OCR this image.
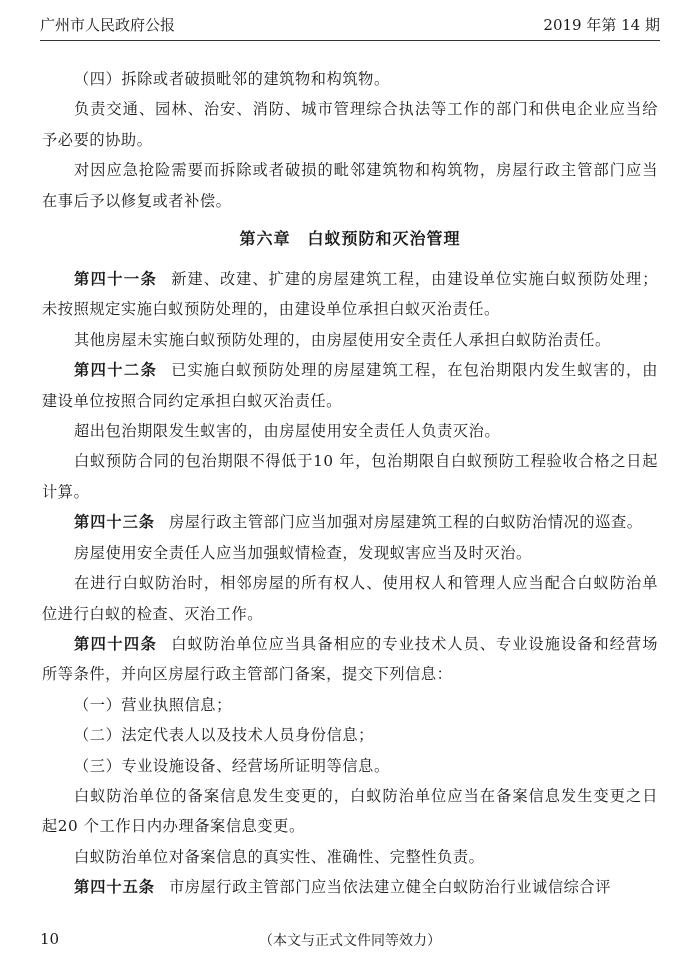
广州市人民政府公报	2019 年第 14 期
（四）拆除或者破损毗邻的建筑物和构筑物。
负责交通、园林、治安、消防、城市管理综合执法等工作的部门和供电企业应当给予必要的协助。
对因应急抢险需要而拆除或者破损的毗邻建筑物和构筑物，房屋行政主管部门应当在事后予以修复或者补偿。
第六章　白蚁预防和灭治管理
第四十一条 新建、改建、扩建的房屋建筑工程，由建设单位实施白蚁预防处理；未按照规定实施白蚁预防处理的，由建设单位承担白蚁灭治责任。
其他房屋未实施白蚁预防处理的，由房屋使用安全责任人承担白蚁防治责任。
第四十二条 已实施白蚁预防处理的房屋建筑工程，在包治期限内发生蚁害的，由建设单位按照合同约定承担白蚁灭治责任。
超出包治期限发生蚁害的，由房屋使用安全责任人负责灭治。
白蚁预防合同的包治期限不得低于10 年，包治期限自白蚁预防工程验收合格之日起计算。
第四十三条 房屋行政主管部门应当加强对房屋建筑工程的白蚁防治情况的巡查。
房屋使用安全责任人应当加强蚁情检查，发现蚁害应当及时灭治。
在进行白蚁防治时，相邻房屋的所有权人、使用权人和管理人应当配合白蚁防治单位进行白蚁的检查、灭治工作。
第四十四条 白蚁防治单位应当具备相应的专业技术人员、专业设施设备和经营场所等条件，并向区房屋行政主管部门备案，提交下列信息：
（一）营业执照信息；
（二）法定代表人以及技术人员身份信息；
（三）专业设施设备、经营场所证明等信息。
白蚁防治单位的备案信息发生变更的，白蚁防治单位应当在备案信息发生变更之日起20 个工作日内办理备案信息变更。
白蚁防治单位对备案信息的真实性、准确性、完整性负责。
第四十五条 市房屋行政主管部门应当依法建立健全白蚁防治行业诚信综合评
10	（本文与正式文件同等效力）
